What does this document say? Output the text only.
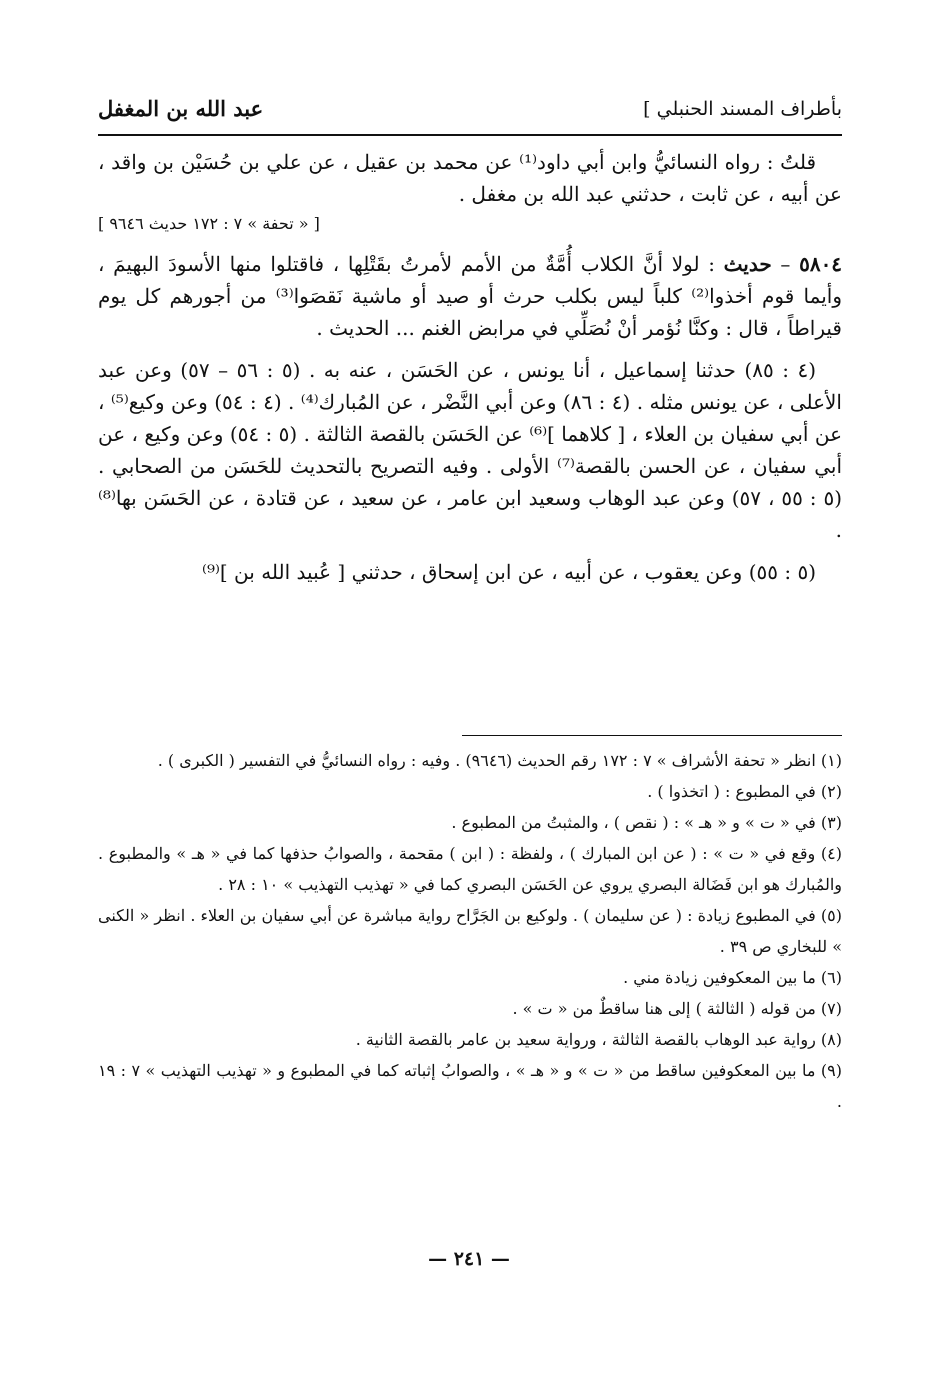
بأطراف المسند الحنبلي ]
عبد الله بن المغفل

قلتُ : رواه النسائيُّ وابن أبي داود⁽¹⁾ عن محمد بن عقيل ، عن علي بن حُسَيْن بن واقد ، عن أبيه ، عن ثابت ، حدثني عبد الله بن مغفل .

[ « تحفة » ٧ : ١٧٢ حديث ٩٦٤٦ ]

٥٨٠٤ – حديث : لولا أنَّ الكلاب أُمَّةٌ من الأمم لأمرتُ بقَتْلِها ، فاقتلوا منها الأسودَ البهيمَ ، وأيما قوم أخذوا⁽²⁾ كلباً ليس بكلب حرث أو صيد أو ماشية نَقصَوا⁽³⁾ من أجورهم كل يوم قيراطاً ، قال : وكنَّا نُؤمر أنْ نُصَلِّي في مرابض الغنم ... الحديث .

(٤ : ٨٥) حدثنا إسماعيل ، أنا يونس ، عن الحَسَن ، عنه به . (٥ : ٥٦ – ٥٧) وعن عبد الأعلى ، عن يونس مثله . (٤ : ٨٦) وعن أبي النَّضْر ، عن المُبارك⁽⁴⁾ . (٤ : ٥٤) وعن وكيع⁽⁵⁾ ، عن أبي سفيان بن العلاء ، [ كلاهما ]⁽⁶⁾ عن الحَسَن بالقصة الثالثة . (٥ : ٥٤) وعن وكيع ، عن أبي سفيان ، عن الحسن بالقصة⁽⁷⁾ الأولى . وفيه التصريح بالتحديث للحَسَن من الصحابي . (٥ : ٥٥ ، ٥٧) وعن عبد الوهاب وسعيد ابن عامر ، عن سعيد ، عن قتادة ، عن الحَسَن بها⁽⁸⁾ .

(٥ : ٥٥) وعن يعقوب ، عن أبيه ، عن ابن إسحاق ، حدثني [ عُبيد الله بن ]⁽⁹⁾

(١) انظر « تحفة الأشراف » ٧ : ١٧٢ رقم الحديث (٩٦٤٦) . وفيه : رواه النسائيُّ في التفسير ( الكبرى ) .

(٢) في المطبوع : ( اتخذوا ) .

(٣) في « ت » و « هـ » : ( نقص ) ، والمثبتُ من المطبوع .

(٤) وقع في « ت » : ( عن ابن المبارك ) ، ولفظة : ( ابن ) مقحمة ، والصوابُ حذفها كما في « هـ » والمطبوع . والمُبارك هو ابن فَضَالة البصري يروي عن الحَسَن البصري كما في « تهذيب التهذيب » ١٠ : ٢٨ .

(٥) في المطبوع زيادة : ( عن سليمان ) . ولوكيع بن الجَرَّاح رواية مباشرة عن أبي سفيان بن العلاء . انظر « الكنى » للبخاري ص ٣٩ .

(٦) ما بين المعكوفين زيادة مني .

(٧) من قوله ( الثالثة ) إلى هنا ساقطٌ من « ت » .

(٨) رواية عبد الوهاب بالقصة الثالثة ، ورواية سعيد بن عامر بالقصة الثانية .

(٩) ما بين المعكوفين ساقط من « ت » و « هـ » ، والصوابُ إثباته كما في المطبوع و « تهذيب التهذيب » ٧ : ١٩ .

— ٢٤١ —
